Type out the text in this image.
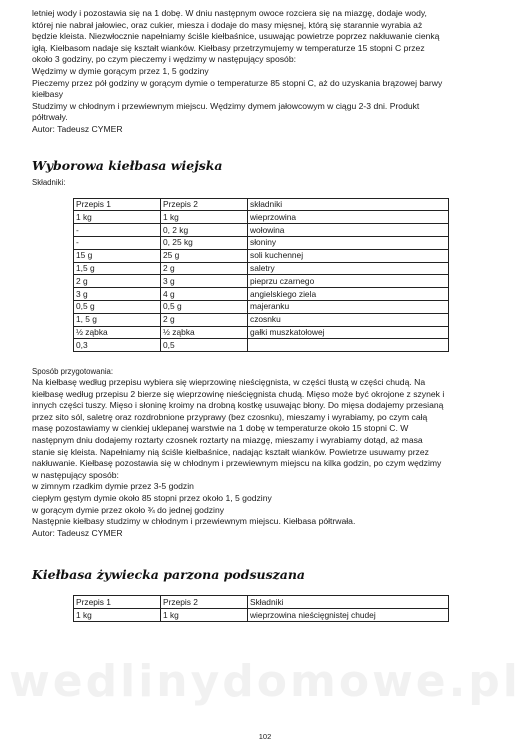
wedlinydomowe.pl

letniej wody i pozostawia się na 1 dobę. W dniu następnym owoce rozciera się na miazgę, dodaje wody,

której nie nabrał jałowiec, oraz cukier, miesza i dodaje do masy mięsnej, którą się starannie wyrabia aż

będzie kleista. Niezwłocznie napełniamy ściśle kiełbaśnice, usuwając powietrze poprzez nakłuwanie cienką

igłą. Kiełbasom nadaje się kształt wianków. Kiełbasy przetrzymujemy w temperaturze 15 stopni C przez

około 3 godziny, po czym pieczemy i wędzimy w następujący sposób:

Wędzimy w dymie gorącym przez 1, 5 godziny

Pieczemy przez pół godziny w gorącym dymie o temperaturze 85 stopni C, aż do uzyskania brązowej barwy

kiełbasy

Studzimy w chłodnym i przewiewnym miejscu. Wędzimy dymem jałowcowym w ciągu 2-3 dni. Produkt

półtrwały.

Autor: Tadeusz CYMER

Wyborowa kiełbasa wiejska

Składniki:

Przepis 1	Przepis 2	składniki
1 kg	1 kg	wieprzowina
-	0, 2 kg	wołowina
-	0, 25 kg	słoniny
15 g	25 g	soli kuchennej
1,5 g	2 g	saletry
2 g	3 g	pieprzu czarnego
3 g	4 g	angielskiego ziela
0,5 g	0,5 g	majeranku
1, 5 g	2 g	czosnku
½ ząbka	½ ząbka	gałki muszkatołowej
0,3	0,5	

Sposób przygotowania:

Na kiełbasę według przepisu wybiera się wieprzowinę nieścięgnista, w części tłustą w części chudą. Na

kiełbasę według przepisu 2 bierze się wieprzowinę nieścięgnista chudą. Mięso może być okrojone z szynek i

innych części tuszy. Mięso i słoninę kroimy na drobną kostkę usuwając błony. Do mięsa dodajemy przesianą

przez sito sól, saletrę oraz rozdrobnione przyprawy (bez czosnku), mieszamy i wyrabiamy, po czym całą

masę pozostawiamy w cienkiej uklepanej warstwie na 1 dobę w temperaturze około 15 stopni C. W

następnym dniu dodajemy roztarty czosnek roztarty na miazgę, mieszamy i wyrabiamy dotąd, aż masa

stanie się kleista. Napełniamy nią ściśle kiełbaśnice, nadając kształt wianków. Powietrze usuwamy przez

nakłuwanie. Kiełbasę pozostawia się w chłodnym i przewiewnym miejscu na kilka godzin, po czym wędzimy

w następujący sposób:

w zimnym rzadkim dymie przez 3-5 godzin

ciepłym gęstym dymie około 85 stopni przez około 1, 5 godziny

w gorącym dymie przez około ¾ do jednej godziny

Następnie kiełbasy studzimy w chłodnym i przewiewnym miejscu. Kiełbasa półtrwała.

Autor: Tadeusz CYMER

Kiełbasa żywiecka parzona podsuszana
Przepis 1	Przepis 2	Składniki
1 kg	1 kg	wieprzowina nieścięgnistej chudej
102
